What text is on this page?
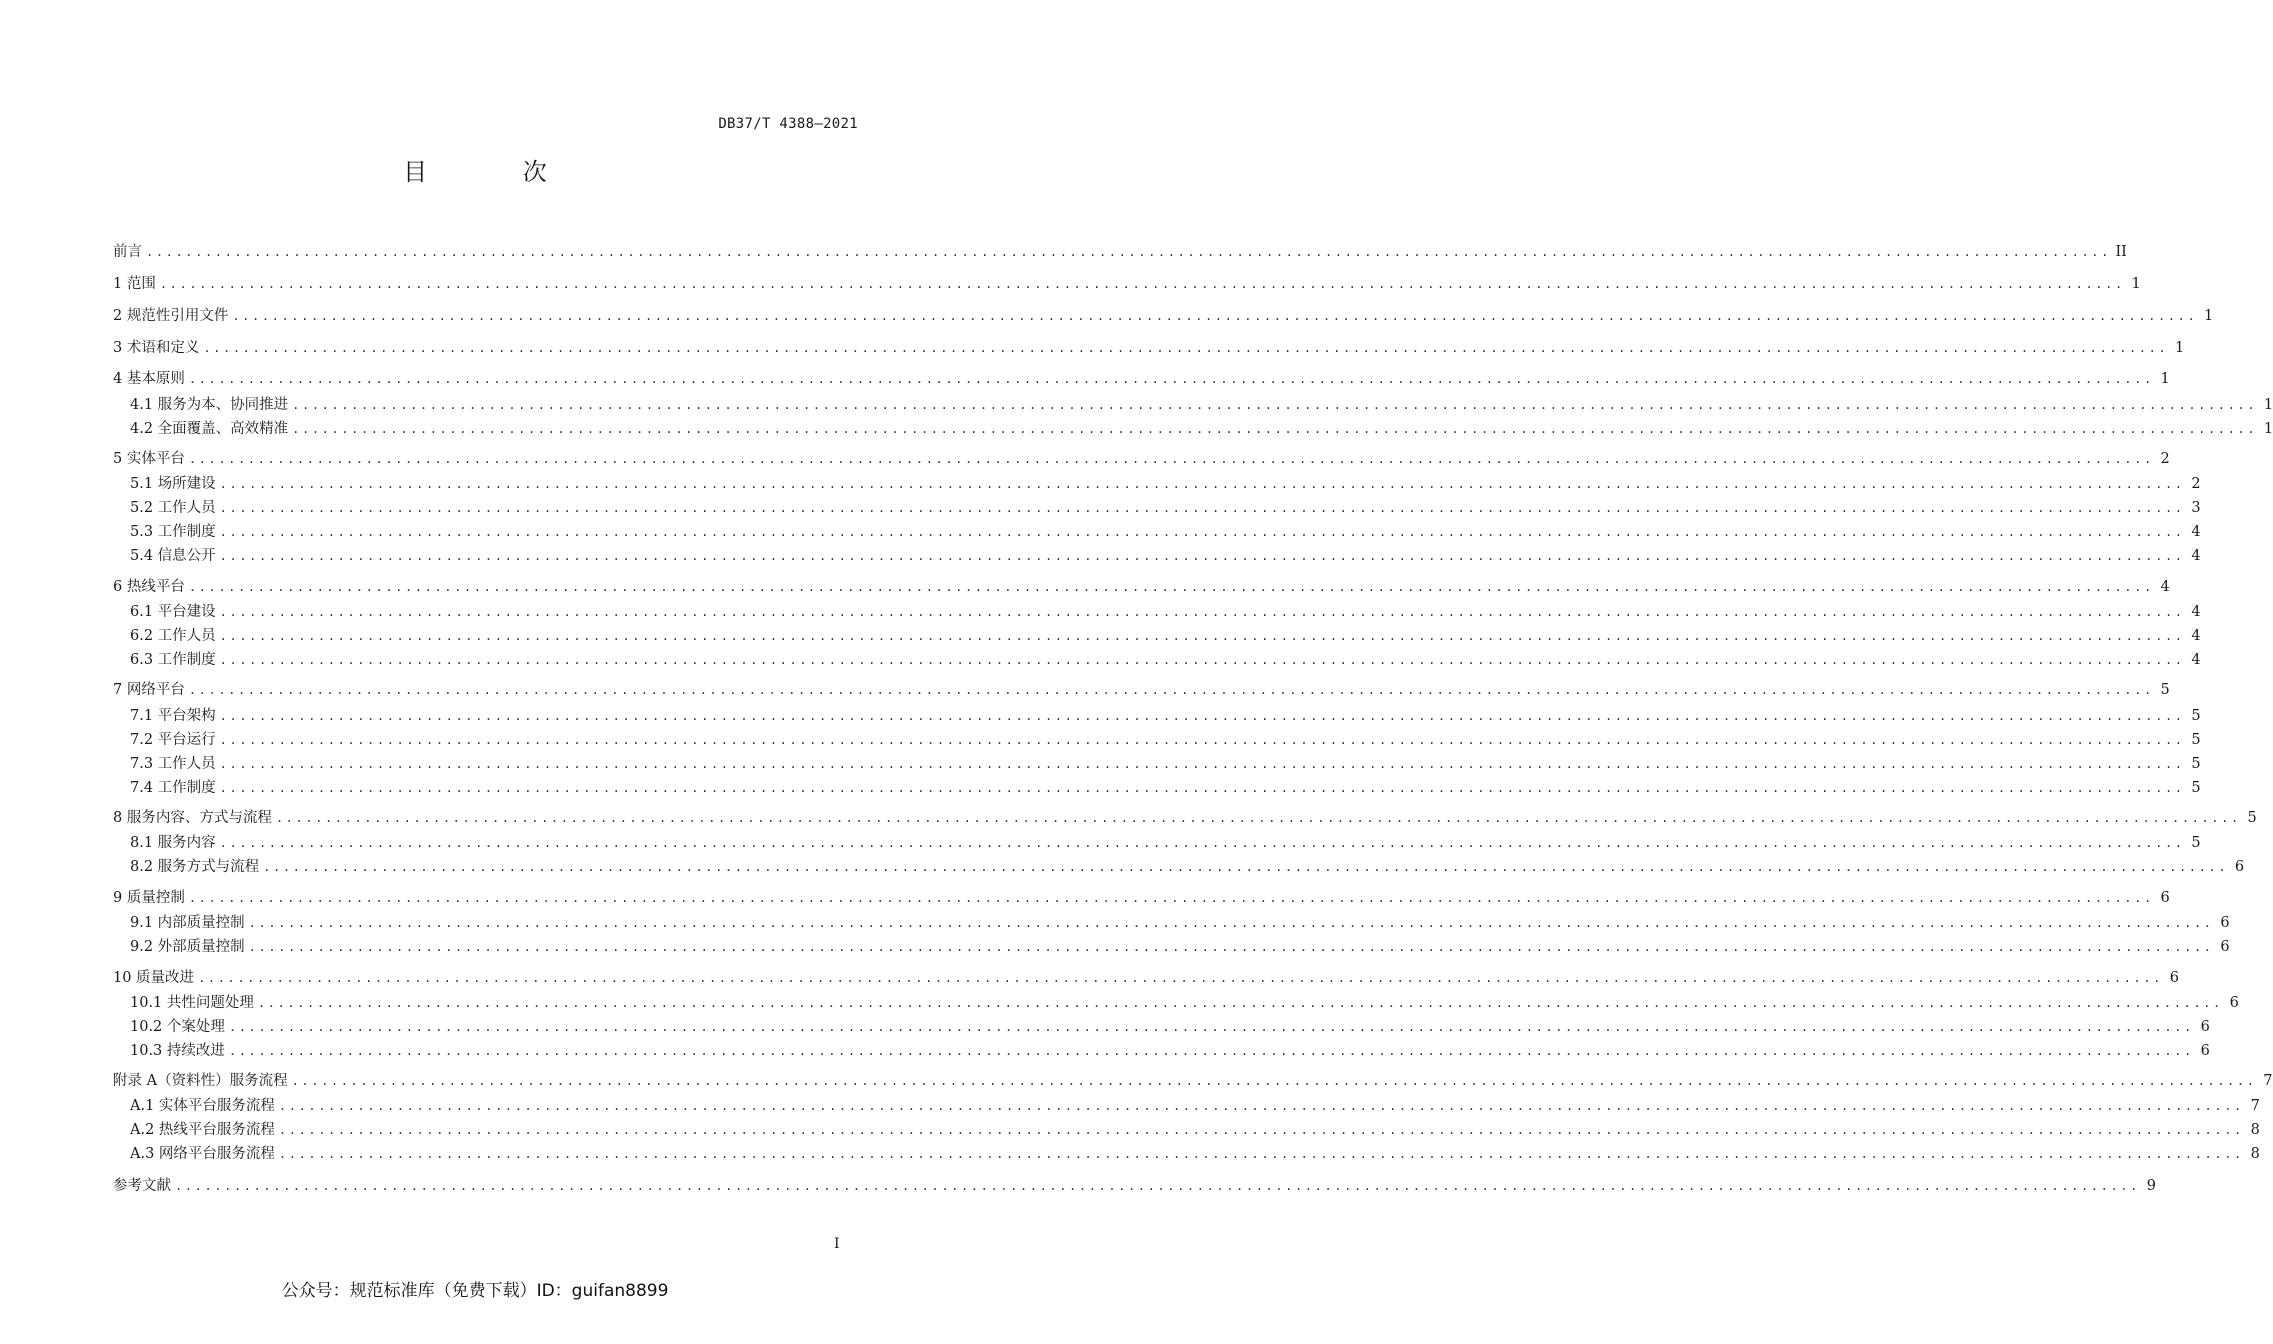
DB37/T 4388—2021
目 次
前言 ........................................................................................................................................................................................................ II
1 范围 ........................................................................................................................................................................................................ 1
2 规范性引用文件 ........................................................................................................................................................................................................ 1
3 术语和定义 ........................................................................................................................................................................................................ 1
4 基本原则 ........................................................................................................................................................................................................ 1
4.1 服务为本、协同推进 ........................................................................................................................................................................................................ 1
4.2 全面覆盖、高效精准 ........................................................................................................................................................................................................ 1
5 实体平台 ........................................................................................................................................................................................................ 2
5.1 场所建设 ........................................................................................................................................................................................................ 2
5.2 工作人员 ........................................................................................................................................................................................................ 3
5.3 工作制度 ........................................................................................................................................................................................................ 4
5.4 信息公开 ........................................................................................................................................................................................................ 4
6 热线平台 ........................................................................................................................................................................................................ 4
6.1 平台建设 ........................................................................................................................................................................................................ 4
6.2 工作人员 ........................................................................................................................................................................................................ 4
6.3 工作制度 ........................................................................................................................................................................................................ 4
7 网络平台 ........................................................................................................................................................................................................ 5
7.1 平台架构 ........................................................................................................................................................................................................ 5
7.2 平台运行 ........................................................................................................................................................................................................ 5
7.3 工作人员 ........................................................................................................................................................................................................ 5
7.4 工作制度 ........................................................................................................................................................................................................ 5
8 服务内容、方式与流程 ........................................................................................................................................................................................................ 5
8.1 服务内容 ........................................................................................................................................................................................................ 5
8.2 服务方式与流程 ........................................................................................................................................................................................................ 6
9 质量控制 ........................................................................................................................................................................................................ 6
9.1 内部质量控制 ........................................................................................................................................................................................................ 6
9.2 外部质量控制 ........................................................................................................................................................................................................ 6
10 质量改进 ........................................................................................................................................................................................................ 6
10.1 共性问题处理 ........................................................................................................................................................................................................ 6
10.2 个案处理 ........................................................................................................................................................................................................ 6
10.3 持续改进 ........................................................................................................................................................................................................ 6
附录 A（资料性）服务流程 ........................................................................................................................................................................................................ 7
A.1 实体平台服务流程 ........................................................................................................................................................................................................ 7
A.2 热线平台服务流程 ........................................................................................................................................................................................................ 8
A.3 网络平台服务流程 ........................................................................................................................................................................................................ 8
参考文献 ........................................................................................................................................................................................................ 9
I
公众号：规范标准库（免费下载）ID：guifan8899
